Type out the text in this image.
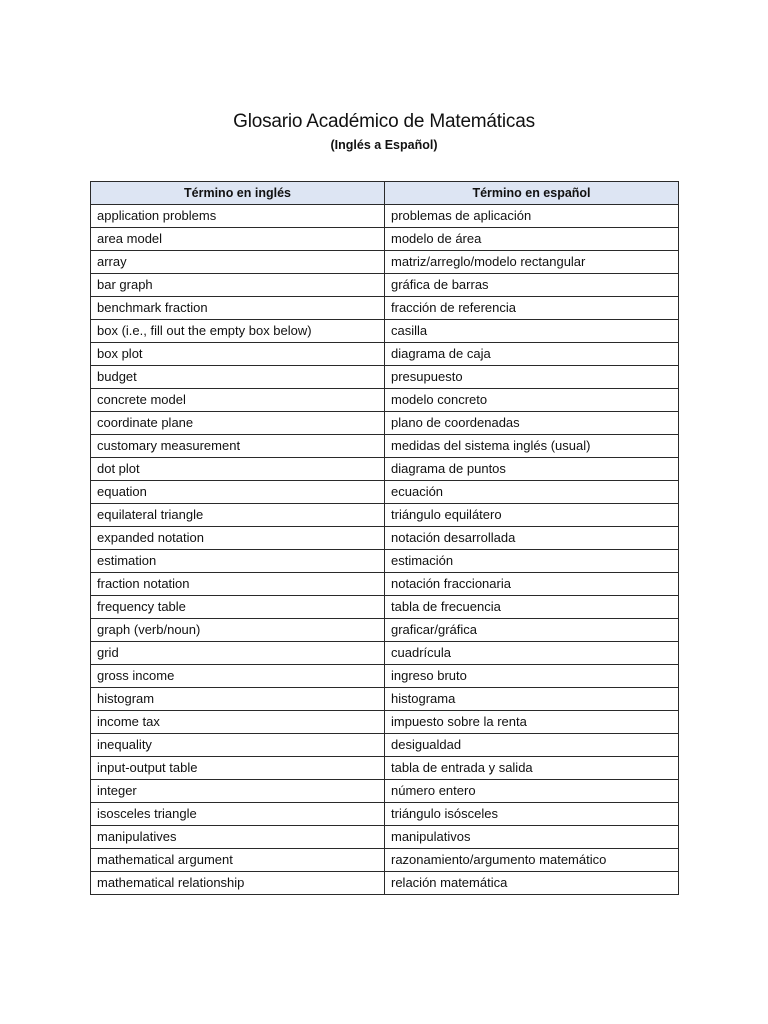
Glosario Académico de Matemáticas
(Inglés a Español)
Término en inglés	Término en español
application problems	problemas de aplicación
area model	modelo de área
array	matriz/arreglo/modelo rectangular
bar graph	gráfica de barras
benchmark fraction	fracción de referencia
box (i.e., fill out the empty box below)	casilla
box plot	diagrama de caja
budget	presupuesto
concrete model	modelo concreto
coordinate plane	plano de coordenadas
customary measurement	medidas del sistema inglés (usual)
dot plot	diagrama de puntos
equation	ecuación
equilateral triangle	triángulo equilátero
expanded notation	notación desarrollada
estimation	estimación
fraction notation	notación fraccionaria
frequency table	tabla de frecuencia
graph (verb/noun)	graficar/gráfica
grid	cuadrícula
gross income	ingreso bruto
histogram	histograma
income tax	impuesto sobre la renta
inequality	desigualdad
input-output table	tabla de entrada y salida
integer	número entero
isosceles triangle	triángulo isósceles
manipulatives	manipulativos
mathematical argument	razonamiento/argumento matemático
mathematical relationship	relación matemática
